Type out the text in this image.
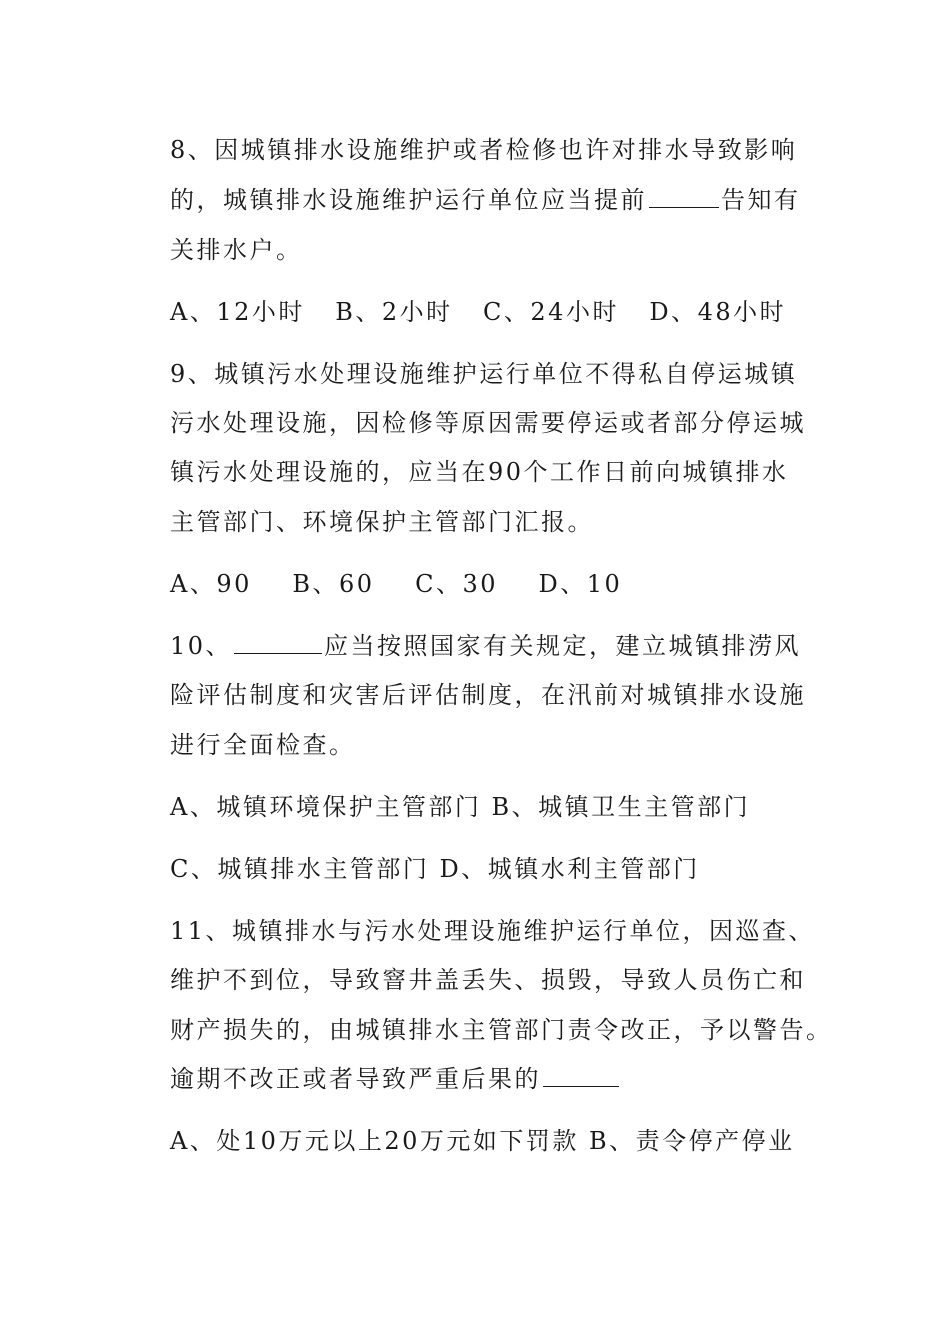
8、因城镇排水设施维护或者检修也许对排水导致影响
的，城镇排水设施维护运行单位应当提前	告知有
关排水户。
A、12小时   B、2小时   C、24小时   D、48小时
9、城镇污水处理设施维护运行单位不得私自停运城镇
污水处理设施，因检修等原因需要停运或者部分停运城
镇污水处理设施的，应当在90个工作日前向城镇排水
主管部门、环境保护主管部门汇报。
A、90    B、60    C、30    D、10
10、	应当按照国家有关规定，建立城镇排涝风
险评估制度和灾害后评估制度，在汛前对城镇排水设施
进行全面检查。
A、城镇环境保护主管部门 B、城镇卫生主管部门
C、城镇排水主管部门 D、城镇水利主管部门
11、城镇排水与污水处理设施维护运行单位，因巡查、
维护不到位，导致窨井盖丢失、损毁，导致人员伤亡和
财产损失的，由城镇排水主管部门责令改正，予以警告。
逾期不改正或者导致严重后果的
A、处10万元以上20万元如下罚款 B、责令停产停业
